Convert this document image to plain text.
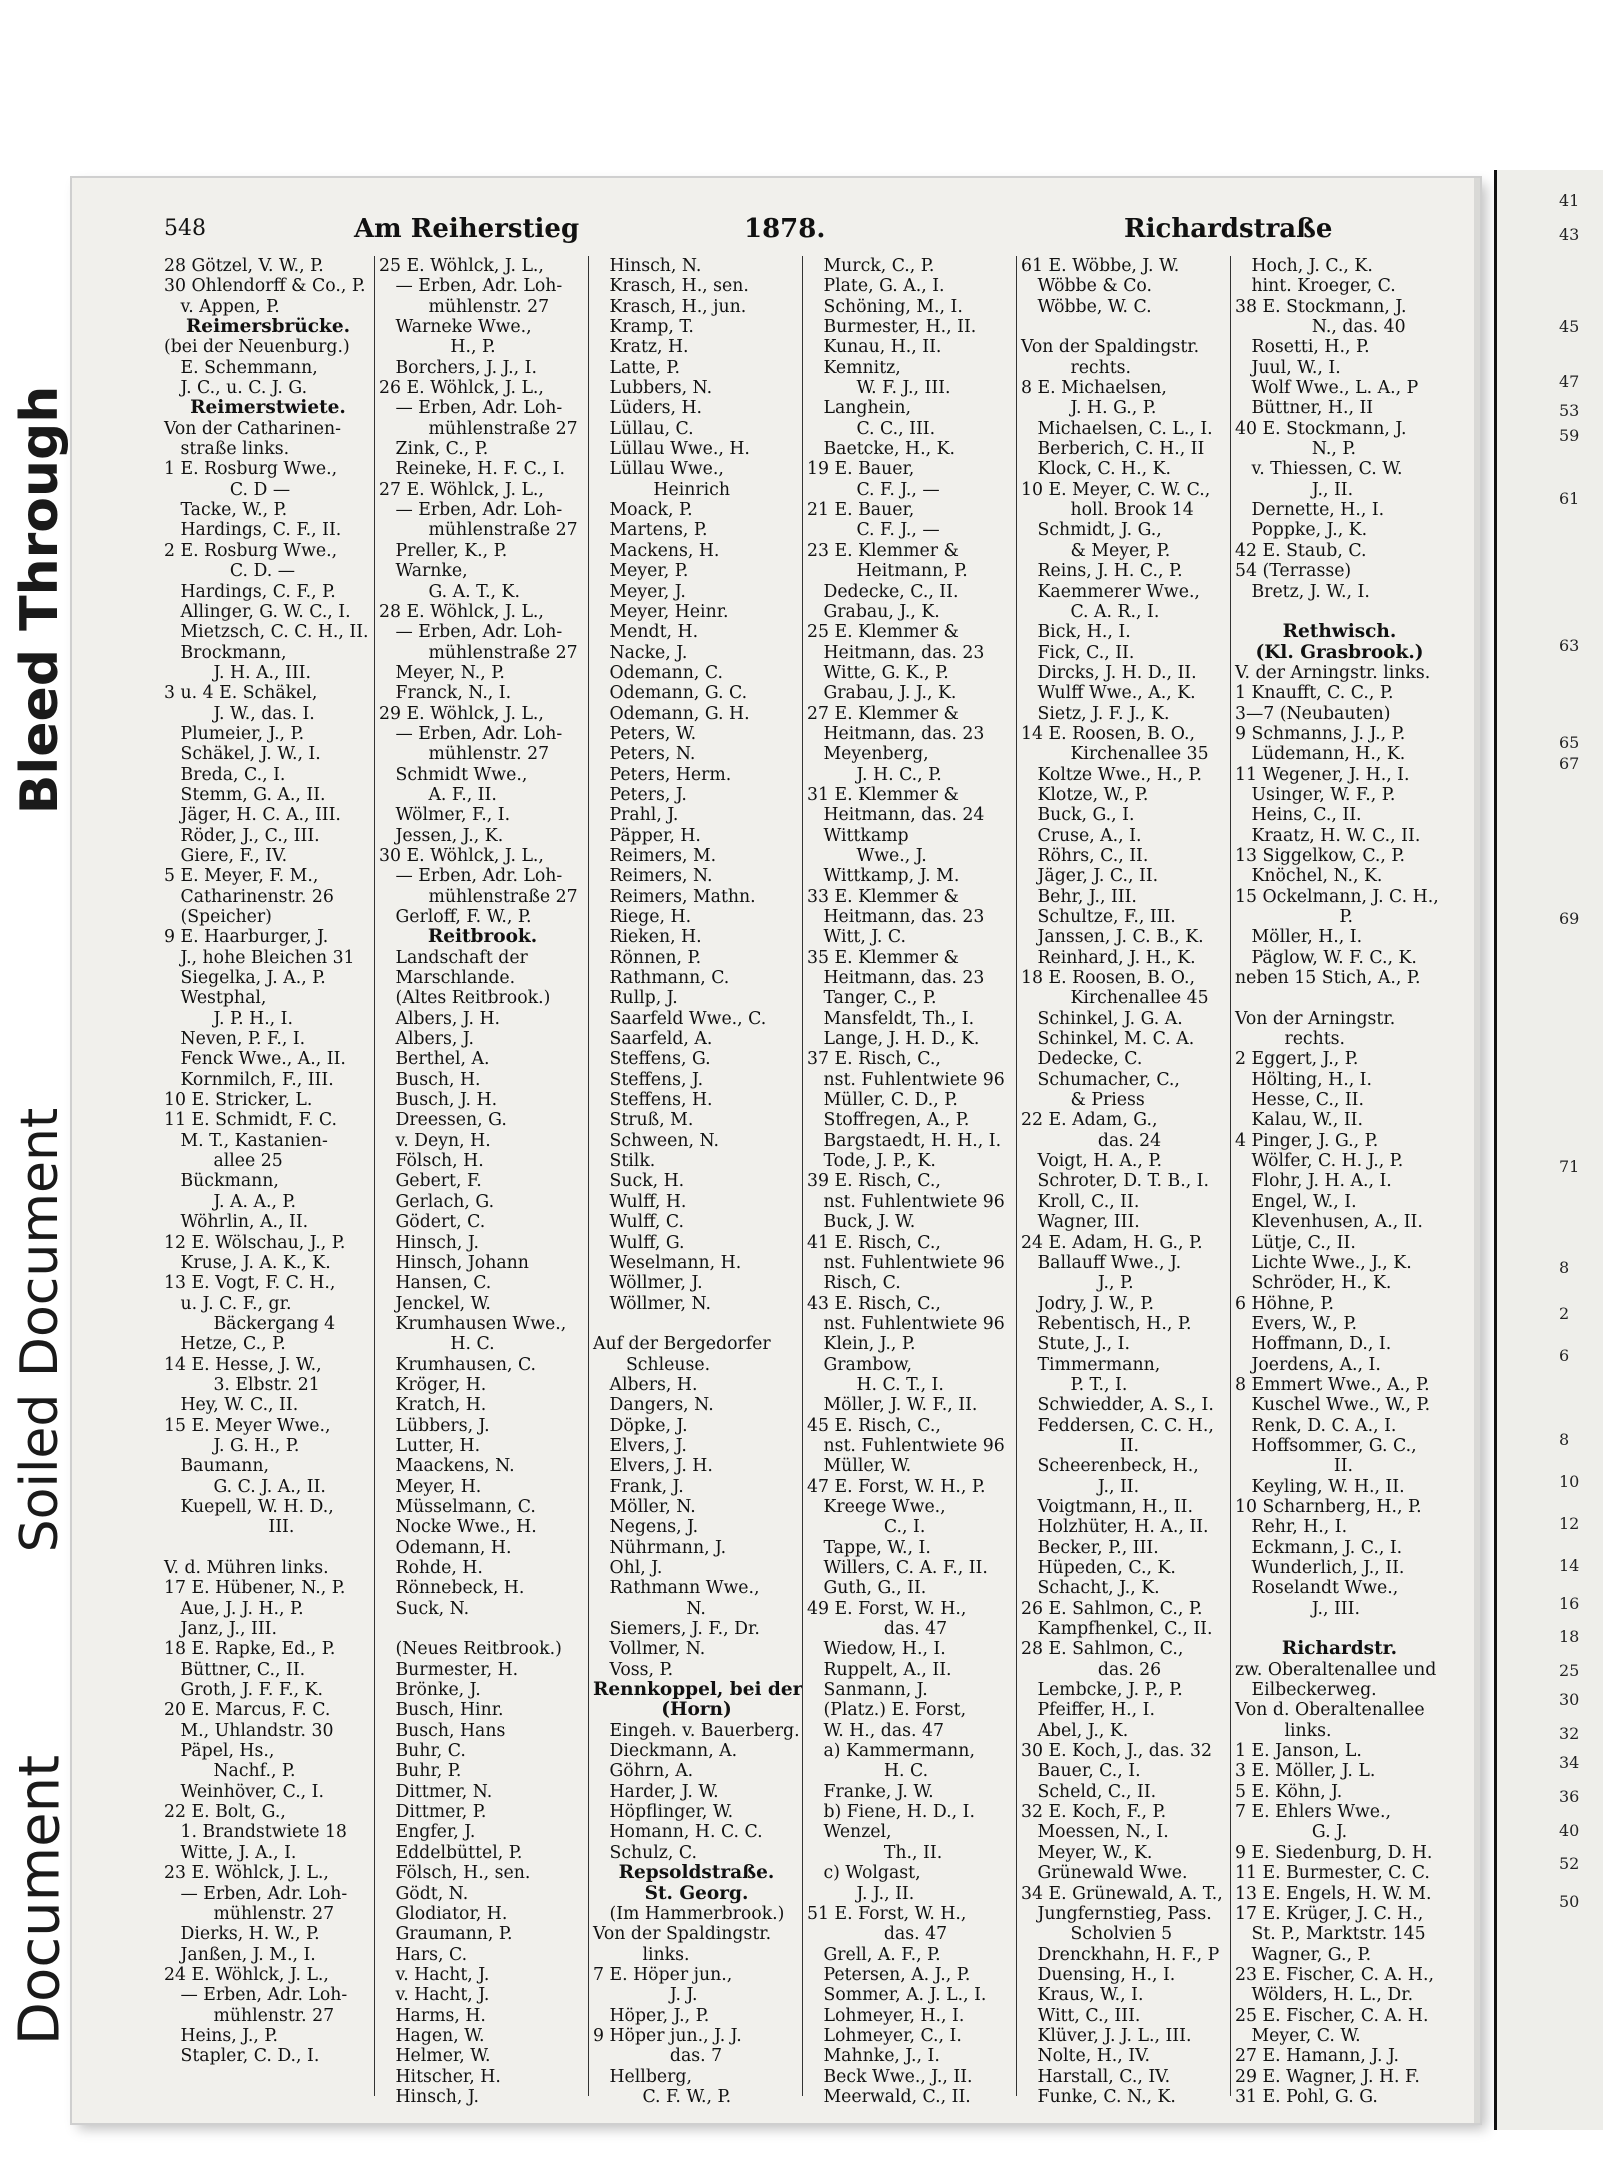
Bleed Through
Soiled Document
Document
548	Am Reiherstieg	1878.	Richardstraße
28 Götzel, V. W., P.
30 Ohlendorff & Co., P.
v. Appen, P.
Reimersbrücke.
(bei der Neuenburg.)
E. Schemmann,
J. C., u. C. J. G.
Reimerstwiete.
Von der Catharinen-
straße links.
1 E. Rosburg Wwe.,
C. D —
Tacke, W., P.
Hardings, C. F., II.
2 E. Rosburg Wwe.,
C. D. —
Hardings, C. F., P.
Allinger, G. W. C., I.
Mietzsch, C. C. H., II.
Brockmann,
J. H. A., III.
3 u. 4 E. Schäkel,
J. W., das. I.
Plumeier, J., P.
Schäkel, J. W., I.
Breda, C., I.
Stemm, G. A., II.
Jäger, H. C. A., III.
Röder, J., C., III.
Giere, F., IV.
5 E. Meyer, F. M.,
Catharinenstr. 26
(Speicher)
9 E. Haarburger, J.
J., hohe Bleichen 31
Siegelka, J. A., P.
Westphal,
J. P. H., I.
Neven, P. F., I.
Fenck Wwe., A., II.
Kornmilch, F., III.
10 E. Stricker, L.
11 E. Schmidt, F. C.
M. T., Kastanien-
allee 25
Bückmann,
J. A. A., P.
Wöhrlin, A., II.
12 E. Wölschau, J., P.
Kruse, J. A. K., K.
13 E. Vogt, F. C. H.,
u. J. C. F., gr.
Bäckergang 4
Hetze, C., P.
14 E. Hesse, J. W.,
3. Elbstr. 21
Hey, W. C., II.
15 E. Meyer Wwe.,
J. G. H., P.
Baumann,
G. C. J. A., II.
Kuepell, W. H. D.,
III.
V. d. Mühren links.
17 E. Hübener, N., P.
Aue, J. J. H., P.
Janz, J., III.
18 E. Rapke, Ed., P.
Büttner, C., II.
Groth, J. F. F., K.
20 E. Marcus, F. C.
M., Uhlandstr. 30
Päpel, Hs.,
Nachf., P.
Weinhöver, C., I.
22 E. Bolt, G.,
1. Brandstwiete 18
Witte, J. A., I.
23 E. Wöhlck, J. L.,
— Erben, Adr. Loh-
mühlenstr. 27
Dierks, H. W., P.
Janßen, J. M., I.
24 E. Wöhlck, J. L.,
— Erben, Adr. Loh-
mühlenstr. 27
Heins, J., P.
Stapler, C. D., I.
25 E. Wöhlck, J. L.,
— Erben, Adr. Loh-
mühlenstr. 27
Warneke Wwe.,
H., P.
Borchers, J. J., I.
26 E. Wöhlck, J. L.,
— Erben, Adr. Loh-
mühlenstraße 27
Zink, C., P.
Reineke, H. F. C., I.
27 E. Wöhlck, J. L.,
— Erben, Adr. Loh-
mühlenstraße 27
Preller, K., P.
Warnke,
G. A. T., K.
28 E. Wöhlck, J. L.,
— Erben, Adr. Loh-
mühlenstraße 27
Meyer, N., P.
Franck, N., I.
29 E. Wöhlck, J. L.,
— Erben, Adr. Loh-
mühlenstr. 27
Schmidt Wwe.,
A. F., II.
Wölmer, F., I.
Jessen, J., K.
30 E. Wöhlck, J. L.,
— Erben, Adr. Loh-
mühlenstraße 27
Gerloff, F. W., P.
Reitbrook.
Landschaft der
Marschlande.
(Altes Reitbrook.)
Albers, J. H.
Albers, J.
Berthel, A.
Busch, H.
Busch, J. H.
Dreessen, G.
v. Deyn, H.
Fölsch, H.
Gebert, F.
Gerlach, G.
Gödert, C.
Hinsch, J.
Hinsch, Johann
Hansen, C.
Jenckel, W.
Krumhausen Wwe.,
H. C.
Krumhausen, C.
Kröger, H.
Kratch, H.
Lübbers, J.
Lutter, H.
Maackens, N.
Meyer, H.
Müsselmann, C.
Nocke Wwe., H.
Odemann, H.
Rohde, H.
Rönnebeck, H.
Suck, N.
(Neues Reitbrook.)
Burmester, H.
Brönke, J.
Busch, Hinr.
Busch, Hans
Buhr, C.
Buhr, P.
Dittmer, N.
Dittmer, P.
Engfer, J.
Eddelbüttel, P.
Fölsch, H., sen.
Gödt, N.
Glodiator, H.
Graumann, P.
Hars, C.
v. Hacht, J.
v. Hacht, J.
Harms, H.
Hagen, W.
Helmer, W.
Hitscher, H.
Hinsch, J.
Hinsch, N.
Krasch, H., sen.
Krasch, H., jun.
Kramp, T.
Kratz, H.
Latte, P.
Lubbers, N.
Lüders, H.
Lüllau, C.
Lüllau Wwe., H.
Lüllau Wwe.,
Heinrich
Moack, P.
Martens, P.
Mackens, H.
Meyer, P.
Meyer, J.
Meyer, Heinr.
Mendt, H.
Nacke, J.
Odemann, C.
Odemann, G. C.
Odemann, G. H.
Peters, W.
Peters, N.
Peters, Herm.
Peters, J.
Prahl, J.
Päpper, H.
Reimers, M.
Reimers, N.
Reimers, Mathn.
Riege, H.
Rieken, H.
Rönnen, P.
Rathmann, C.
Rullp, J.
Saarfeld Wwe., C.
Saarfeld, A.
Steffens, G.
Steffens, J.
Steffens, H.
Struß, M.
Schween, N.
Stilk.
Suck, H.
Wulff, H.
Wulff, C.
Wulff, G.
Weselmann, H.
Wöllmer, J.
Wöllmer, N.
Auf der Bergedorfer
Schleuse.
Albers, H.
Dangers, N.
Döpke, J.
Elvers, J.
Elvers, J. H.
Frank, J.
Möller, N.
Negens, J.
Nührmann, J.
Ohl, J.
Rathmann Wwe.,
N.
Siemers, J. F., Dr.
Vollmer, N.
Voss, P.
Rennkoppel, bei der
(Horn)
Eingeh. v. Bauerberg.
Dieckmann, A.
Göhrn, A.
Harder, J. W.
Höpflinger, W.
Homann, H. C. C.
Schulz, C.
Repsoldstraße.
St. Georg.
(Im Hammerbrook.)
Von der Spaldingstr.
links.
7 E. Höper jun.,
J. J.
Höper, J., P.
9 Höper jun., J. J.
das. 7
Hellberg,
C. F. W., P.
Murck, C., P.
Plate, G. A., I.
Schöning, M., I.
Burmester, H., II.
Kunau, H., II.
Kemnitz,
W. F. J., III.
Langhein,
C. C., III.
Baetcke, H., K.
19 E. Bauer,
C. F. J., —
21 E. Bauer,
C. F. J., —
23 E. Klemmer &
Heitmann, P.
Dedecke, C., II.
Grabau, J., K.
25 E. Klemmer &
Heitmann, das. 23
Witte, G. K., P.
Grabau, J. J., K.
27 E. Klemmer &
Heitmann, das. 23
Meyenberg,
J. H. C., P.
31 E. Klemmer &
Heitmann, das. 24
Wittkamp
Wwe., J.
Wittkamp, J. M.
33 E. Klemmer &
Heitmann, das. 23
Witt, J. C.
35 E. Klemmer &
Heitmann, das. 23
Tanger, C., P.
Mansfeldt, Th., I.
Lange, J. H. D., K.
37 E. Risch, C.,
nst. Fuhlentwiete 96
Müller, C. D., P.
Stoffregen, A., P.
Bargstaedt, H. H., I.
Tode, J. P., K.
39 E. Risch, C.,
nst. Fuhlentwiete 96
Buck, J. W.
41 E. Risch, C.,
nst. Fuhlentwiete 96
Risch, C.
43 E. Risch, C.,
nst. Fuhlentwiete 96
Klein, J., P.
Grambow,
H. C. T., I.
Möller, J. W. F., II.
45 E. Risch, C.,
nst. Fuhlentwiete 96
Müller, W.
47 E. Forst, W. H., P.
Kreege Wwe.,
C., I.
Tappe, W., I.
Willers, C. A. F., II.
Guth, G., II.
49 E. Forst, W. H.,
das. 47
Wiedow, H., I.
Ruppelt, A., II.
Sanmann, J.
(Platz.) E. Forst,
W. H., das. 47
a) Kammermann,
H. C.
Franke, J. W.
b) Fiene, H. D., I.
Wenzel,
Th., II.
c) Wolgast,
J. J., II.
51 E. Forst, W. H.,
das. 47
Grell, A. F., P.
Petersen, A. J., P.
Sommer, A. J. L., I.
Lohmeyer, H., I.
Lohmeyer, C., I.
Mahnke, J., I.
Beck Wwe., J., II.
Meerwald, C., II.
61 E. Wöbbe, J. W.
Wöbbe & Co.
Wöbbe, W. C.
Von der Spaldingstr.
rechts.
8 E. Michaelsen,
J. H. G., P.
Michaelsen, C. L., I.
Berberich, C. H., II
Klock, C. H., K.
10 E. Meyer, C. W. C.,
holl. Brook 14
Schmidt, J. G.,
& Meyer, P.
Reins, J. H. C., P.
Kaemmerer Wwe.,
C. A. R., I.
Bick, H., I.
Fick, C., II.
Dircks, J. H. D., II.
Wulff Wwe., A., K.
Sietz, J. F. J., K.
14 E. Roosen, B. O.,
Kirchenallee 35
Koltze Wwe., H., P.
Klotze, W., P.
Buck, G., I.
Cruse, A., I.
Röhrs, C., II.
Jäger, J. C., II.
Behr, J., III.
Schultze, F., III.
Janssen, J. C. B., K.
Reinhard, J. H., K.
18 E. Roosen, B. O.,
Kirchenallee 45
Schinkel, J. G. A.
Schinkel, M. C. A.
Dedecke, C.
Schumacher, C.,
& Priess
22 E. Adam, G.,
das. 24
Voigt, H. A., P.
Schroter, D. T. B., I.
Kroll, C., II.
Wagner, III.
24 E. Adam, H. G., P.
Ballauff Wwe., J.
J., P.
Jodry, J. W., P.
Rebentisch, H., P.
Stute, J., I.
Timmermann,
P. T., I.
Schwiedder, A. S., I.
Feddersen, C. C. H.,
II.
Scheerenbeck, H.,
J., II.
Voigtmann, H., II.
Holzhüter, H. A., II.
Becker, P., III.
Hüpeden, C., K.
Schacht, J., K.
26 E. Sahlmon, C., P.
Kampfhenkel, C., II.
28 E. Sahlmon, C.,
das. 26
Lembcke, J. P., P.
Pfeiffer, H., I.
Abel, J., K.
30 E. Koch, J., das. 32
Bauer, C., I.
Scheld, C., II.
32 E. Koch, F., P.
Moessen, N., I.
Meyer, W., K.
Grünewald Wwe.
34 E. Grünewald, A. T.,
Jungfernstieg, Pass.
Scholvien 5
Drenckhahn, H. F., P
Duensing, H., I.
Kraus, W., I.
Witt, C., III.
Klüver, J. J. L., III.
Nolte, H., IV.
Harstall, C., IV.
Funke, C. N., K.
Hoch, J. C., K.
hint. Kroeger, C.
38 E. Stockmann, J.
N., das. 40
Rosetti, H., P.
Juul, W., I.
Wolf Wwe., L. A., P
Büttner, H., II
40 E. Stockmann, J.
N., P.
v. Thiessen, C. W.
J., II.
Dernette, H., I.
Poppke, J., K.
42 E. Staub, C.
54 (Terrasse)
Bretz, J. W., I.
Rethwisch.
(Kl. Grasbrook.)
V. der Arningstr. links.
1 Knaufft, C. C., P.
3—7 (Neubauten)
9 Schmanns, J. J., P.
Lüdemann, H., K.
11 Wegener, J. H., I.
Usinger, W. F., P.
Heins, C., II.
Kraatz, H. W. C., II.
13 Siggelkow, C., P.
Knöchel, N., K.
15 Ockelmann, J. C. H.,
P.
Möller, H., I.
Päglow, W. F. C., K.
neben 15 Stich, A., P.
Von der Arningstr.
rechts.
2 Eggert, J., P.
Hölting, H., I.
Hesse, C., II.
Kalau, W., II.
4 Pinger, J. G., P.
Wölfer, C. H. J., P.
Flohr, J. H. A., I.
Engel, W., I.
Klevenhusen, A., II.
Lütje, C., II.
Lichte Wwe., J., K.
Schröder, H., K.
6 Höhne, P.
Evers, W., P.
Hoffmann, D., I.
Joerdens, A., I.
8 Emmert Wwe., A., P.
Kuschel Wwe., W., P.
Renk, D. C. A., I.
Hoffsommer, G. C.,
II.
Keyling, W. H., II.
10 Scharnberg, H., P.
Rehr, H., I.
Eckmann, J. C., I.
Wunderlich, J., II.
Roselandt Wwe.,
J., III.
Richardstr.
zw. Oberaltenallee und
Eilbeckerweg.
Von d. Oberaltenallee
links.
1 E. Janson, L.
3 E. Möller, J. L.
5 E. Köhn, J.
7 E. Ehlers Wwe.,
G. J.
9 E. Siedenburg, D. H.
11 E. Burmester, C. C.
13 E. Engels, H. W. M.
17 E. Krüger, J. C. H.,
St. P., Marktstr. 145
Wagner, G., P.
23 E. Fischer, C. A. H.,
Wölders, H. L., Dr.
25 E. Fischer, C. A. H.
Meyer, C. W.
27 E. Hamann, J. J.
29 E. Wagner, J. H. F.
31 E. Pohl, G. G.
41
43
45
47
53
59
61
63
65
67
69
71
8
2
6
8
10
12
14
16
18
25
30
32
34
36
40
52
50
